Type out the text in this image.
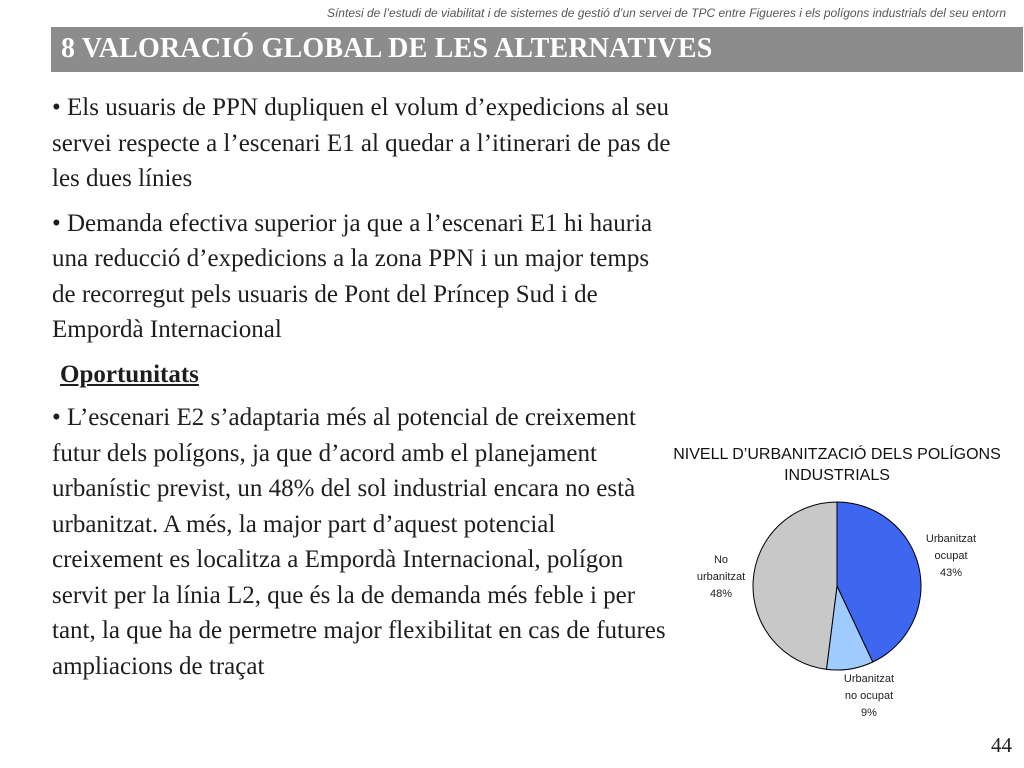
Síntesi de l’estudi de viabilitat i de sistemes de gestió d’un servei de TPC entre Figueres i els polígons industrials del seu entorn
8 VALORACIÓ GLOBAL DE LES ALTERNATIVES

• Els usuaris de PPN dupliquen el volum d’expedicions al seu servei respecte a l’escenari E1 al quedar a l’itinerari de pas de les dues línies

• Demanda efectiva superior ja que a l’escenari E1 hi hauria una reducció d’expedicions a la zona PPN i un major temps de recorregut pels usuaris de Pont del Príncep Sud i de Empordà Internacional

Oportunitats

• L’escenari E2 s’adaptaria més al potencial de creixement futur dels polígons, ja que d’acord amb el planejament urbanístic previst, un 48% del sol industrial encara no està urbanitzat. A més, la major part d’aquest potencial creixement es localitza a Empordà Internacional, polígon servit per la línia L2, que és la de demanda més feble i per tant, la que ha de permetre major flexibilitat en cas de futures ampliacions de traçat

NIVELL D’URBANITZACIÓ DELS POLÍGONS INDUSTRIALS
Urbanitzat
ocupat
43%
Urbanitzat
no ocupat
9%
No
urbanitzat
48%
44
